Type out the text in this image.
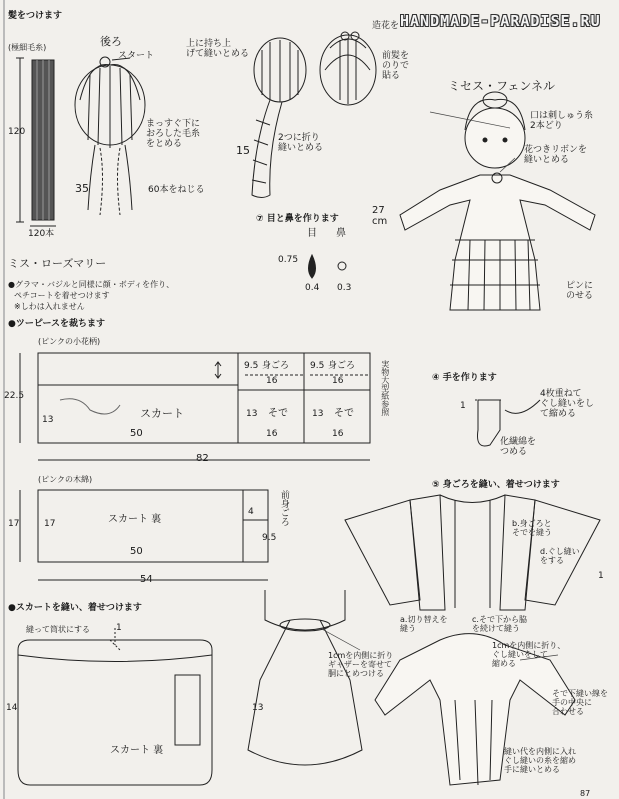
HANDMADE-PARADISE.RU
髪をつけます
(極細毛糸)
120
120本
後ろ
スタート
まっすぐ下に
おろした毛糸
をとめる
35	60本をねじる
上に持ち上
げて縫いとめる
15
2つに折り
縫いとめる
造花を
前髪を
のりで
貼る
ミセス・フェンネル
口は刺しゅう糸
2本どり
花つきリボンを
縫いとめる
27
cm
ピンに
のせる
⑦ 目と鼻を作ります
目 鼻
0.75
0.4 0.3
ミス・ローズマリー
●グラマ・バジルと同様に顔・ボディを作り、
ペチコートを着せつけます
※しわは入れません
●ツーピースを裁ちます
(ピンクの小花柄)
22.5
スカート
13
50
82
9.5 身ごろ
16
9.5 身ごろ
16
13 そで
16
13 そで
16
実物大型紙参照
(ピンクの木綿)
17	17	スカート 裏
50
54
前身ごろ
4
9.5
④ 手を作ります
1
4枚重ねて
ぐし縫いをし
て縮める
化繊綿を
つめる
⑤ 身ごろを縫い、着せつけます
b.身ごろと
そでを縫う
d.ぐし縫い
をする
1
a.切り替えを
縫う
c.そで下から脇
を続けて縫う
●スカートを縫い、着せつけます
縫って筒状にする	1
14
スカート 裏
13
1cmを内側に折り
ギャザーを寄せて
胴にとめつける
1cmを内側に折り、
ぐし縫いをして
縮める
そで下縫い線を
手の中央に
合わせる
縫い代を内側に入れ
ぐし縫いの糸を縮め
手に縫いとめる
87
